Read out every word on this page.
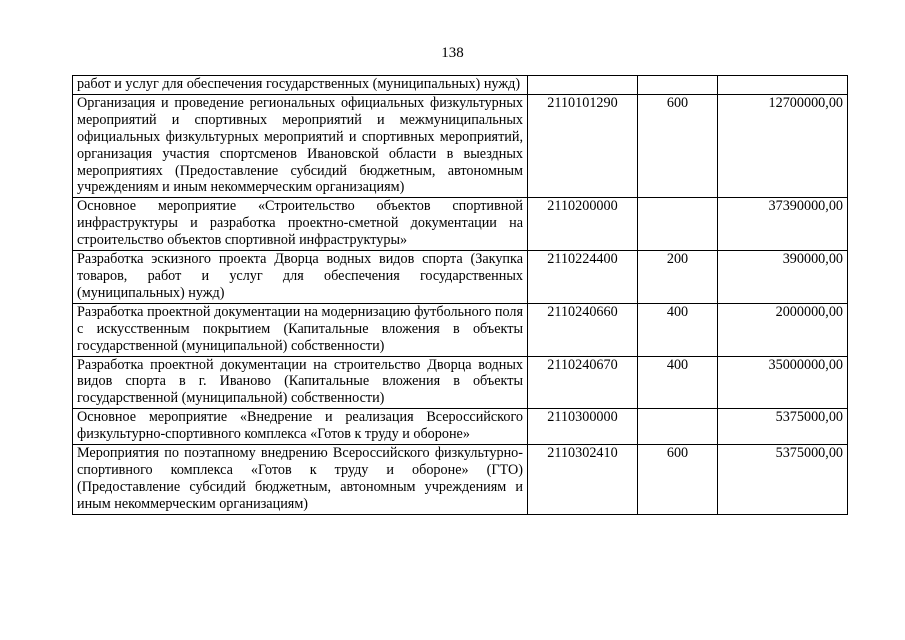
138
работ и услуг для обеспечения государственных (муниципальных) нужд)			
Организация и проведение региональных официальных физкультурных мероприятий и спортивных мероприятий и межмуниципальных официальных физкультурных мероприятий и спортивных мероприятий, организация участия спортсменов Ивановской области в выездных мероприятиях (Предоставление субсидий бюджетным, автономным учреждениям и иным некоммерческим организациям)	2110101290	600	12700000,00
Основное мероприятие «Строительство объектов спортивной инфраструктуры и разработка проектно-сметной документации на строительство объектов спортивной инфраструктуры»	2110200000		37390000,00
Разработка эскизного проекта Дворца водных видов спорта (Закупка товаров, работ и услуг для обеспечения государственных (муниципальных) нужд)	2110224400	200	390000,00
Разработка проектной документации на модернизацию футбольного поля с искусственным покрытием (Капитальные вложения в объекты государственной (муниципальной) собственности)	2110240660	400	2000000,00
Разработка проектной документации на строительство Дворца водных видов спорта в г. Иваново (Капитальные вложения в объекты государственной (муниципальной) собственности)	2110240670	400	35000000,00
Основное мероприятие «Внедрение и реализация Всероссийского физкультурно-спортивного комплекса «Готов к труду и обороне»	2110300000		5375000,00
Мероприятия по поэтапному внедрению Всероссийского физкультурно-спортивного комплекса «Готов к труду и обороне» (ГТО) (Предоставление субсидий бюджетным, автономным учреждениям и иным некоммерческим организациям)	2110302410	600	5375000,00
